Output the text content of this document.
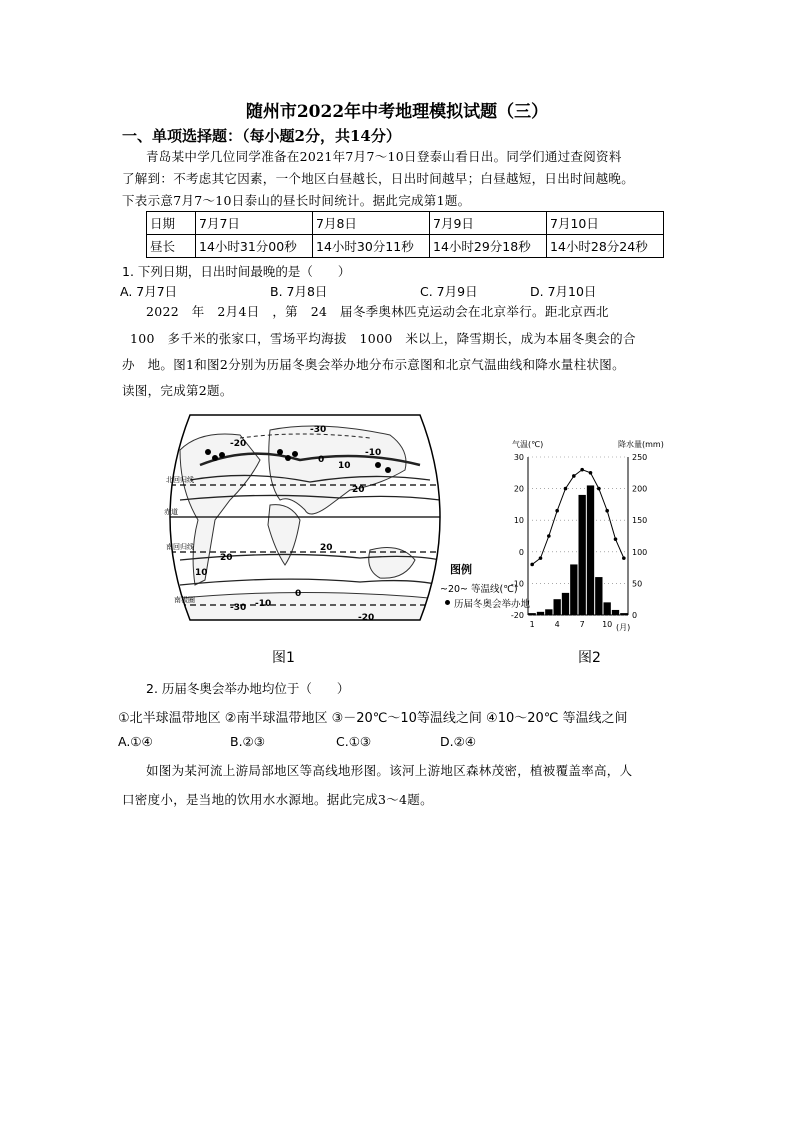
随州市2022年中考地理模拟试题（三）
一、单项选择题：（每小题2分，共14分）
青岛某中学几位同学准备在2021年7月7～10日登泰山看日出。同学们通过查阅资料
了解到：不考虑其它因素，一个地区白昼越长，日出时间越早；白昼越短，日出时间越晚。
下表示意7月7～10日泰山的昼长时间统计。据此完成第1题。
日期	7月7日	7月8日	7月9日	7月10日
昼长	14小时31分00秒	14小时30分11秒	14小时29分18秒	14小时28分24秒
1. 下列日期，日出时间最晚的是（　　）
A. 7月7日	B. 7月8日	C. 7月9日	D. 7月10日
2022　年　2月4日　，第　24　届冬季奥林匹克运动会在北京举行。距北京西北
100　多千米的张家口，雪场平均海拔　1000　米以上，降雪期长，成为本届冬奥会的合
办　地。图1和图2分别为历届冬奥会举办地分布示意图和北京气温曲线和降水量柱状图。
读图，完成第2题。
-30
-20
-10
0
10
20
20
20
10
0
-10
-30
-20
北回归线
赤道
南回归线
南极圈
图例
~20~ 等温线(℃)
历届冬奥会举办地
图1
气温(℃)	降水量(mm)
30
20
10
0
-10
-20
250
200
150
100
50
0
1 4 7 10 (月)
图2
2. 历届冬奥会举办地均位于（　　）
①北半球温带地区 ②南半球温带地区 ③－20℃～10等温线之间 ④10～20℃ 等温线之间
A.①④	B.②③	C.①③	D.②④
如图为某河流上游局部地区等高线地形图。该河上游地区森林茂密，植被覆盖率高，人
口密度小，是当地的饮用水水源地。据此完成3～4题。
